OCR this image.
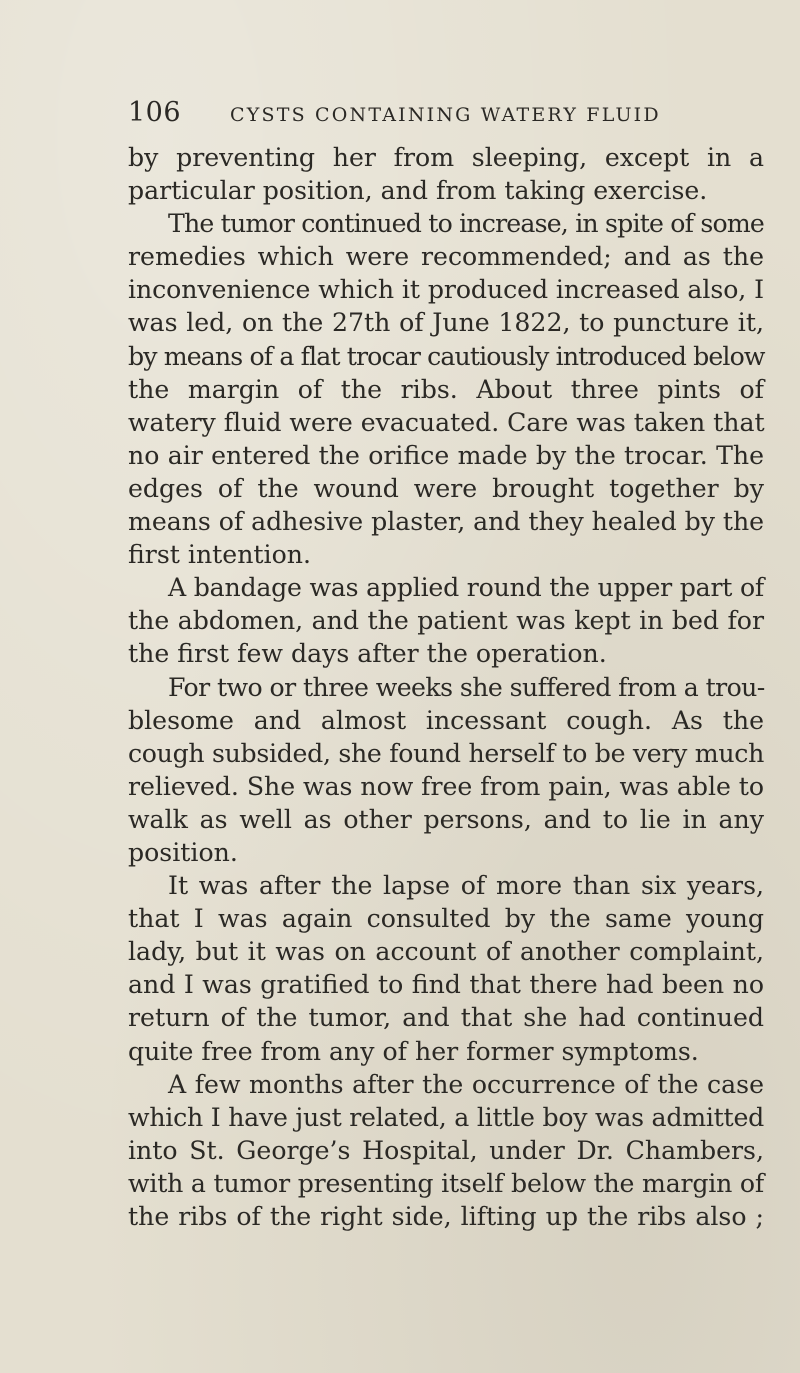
106	CYSTS CONTAINING WATERY FLUID
by preventing her from sleeping, except in a
particular position, and from taking exercise.
The tumor continued to increase, in spite of some
remedies which were recommended; and as the
inconvenience which it produced increased also, I
was led, on the 27th of June 1822, to puncture it,
by means of a flat trocar cautiously introduced below
the margin of the ribs. About three pints of
watery fluid were evacuated. Care was taken that
no air entered the orifice made by the trocar. The
edges of the wound were brought together by
means of adhesive plaster, and they healed by the
first intention.
A bandage was applied round the upper part of
the abdomen, and the patient was kept in bed for
the first few days after the operation.
For two or three weeks she suffered from a trou-
blesome and almost incessant cough. As the
cough subsided, she found herself to be very much
relieved. She was now free from pain, was able to
walk as well as other persons, and to lie in any
position.
It was after the lapse of more than six years,
that I was again consulted by the same young
lady, but it was on account of another complaint,
and I was gratified to find that there had been no
return of the tumor, and that she had continued
quite free from any of her former symptoms.
A few months after the occurrence of the case
which I have just related, a little boy was admitted
into St. George’s Hospital, under Dr. Chambers,
with a tumor presenting itself below the margin of
the ribs of the right side, lifting up the ribs also ;
